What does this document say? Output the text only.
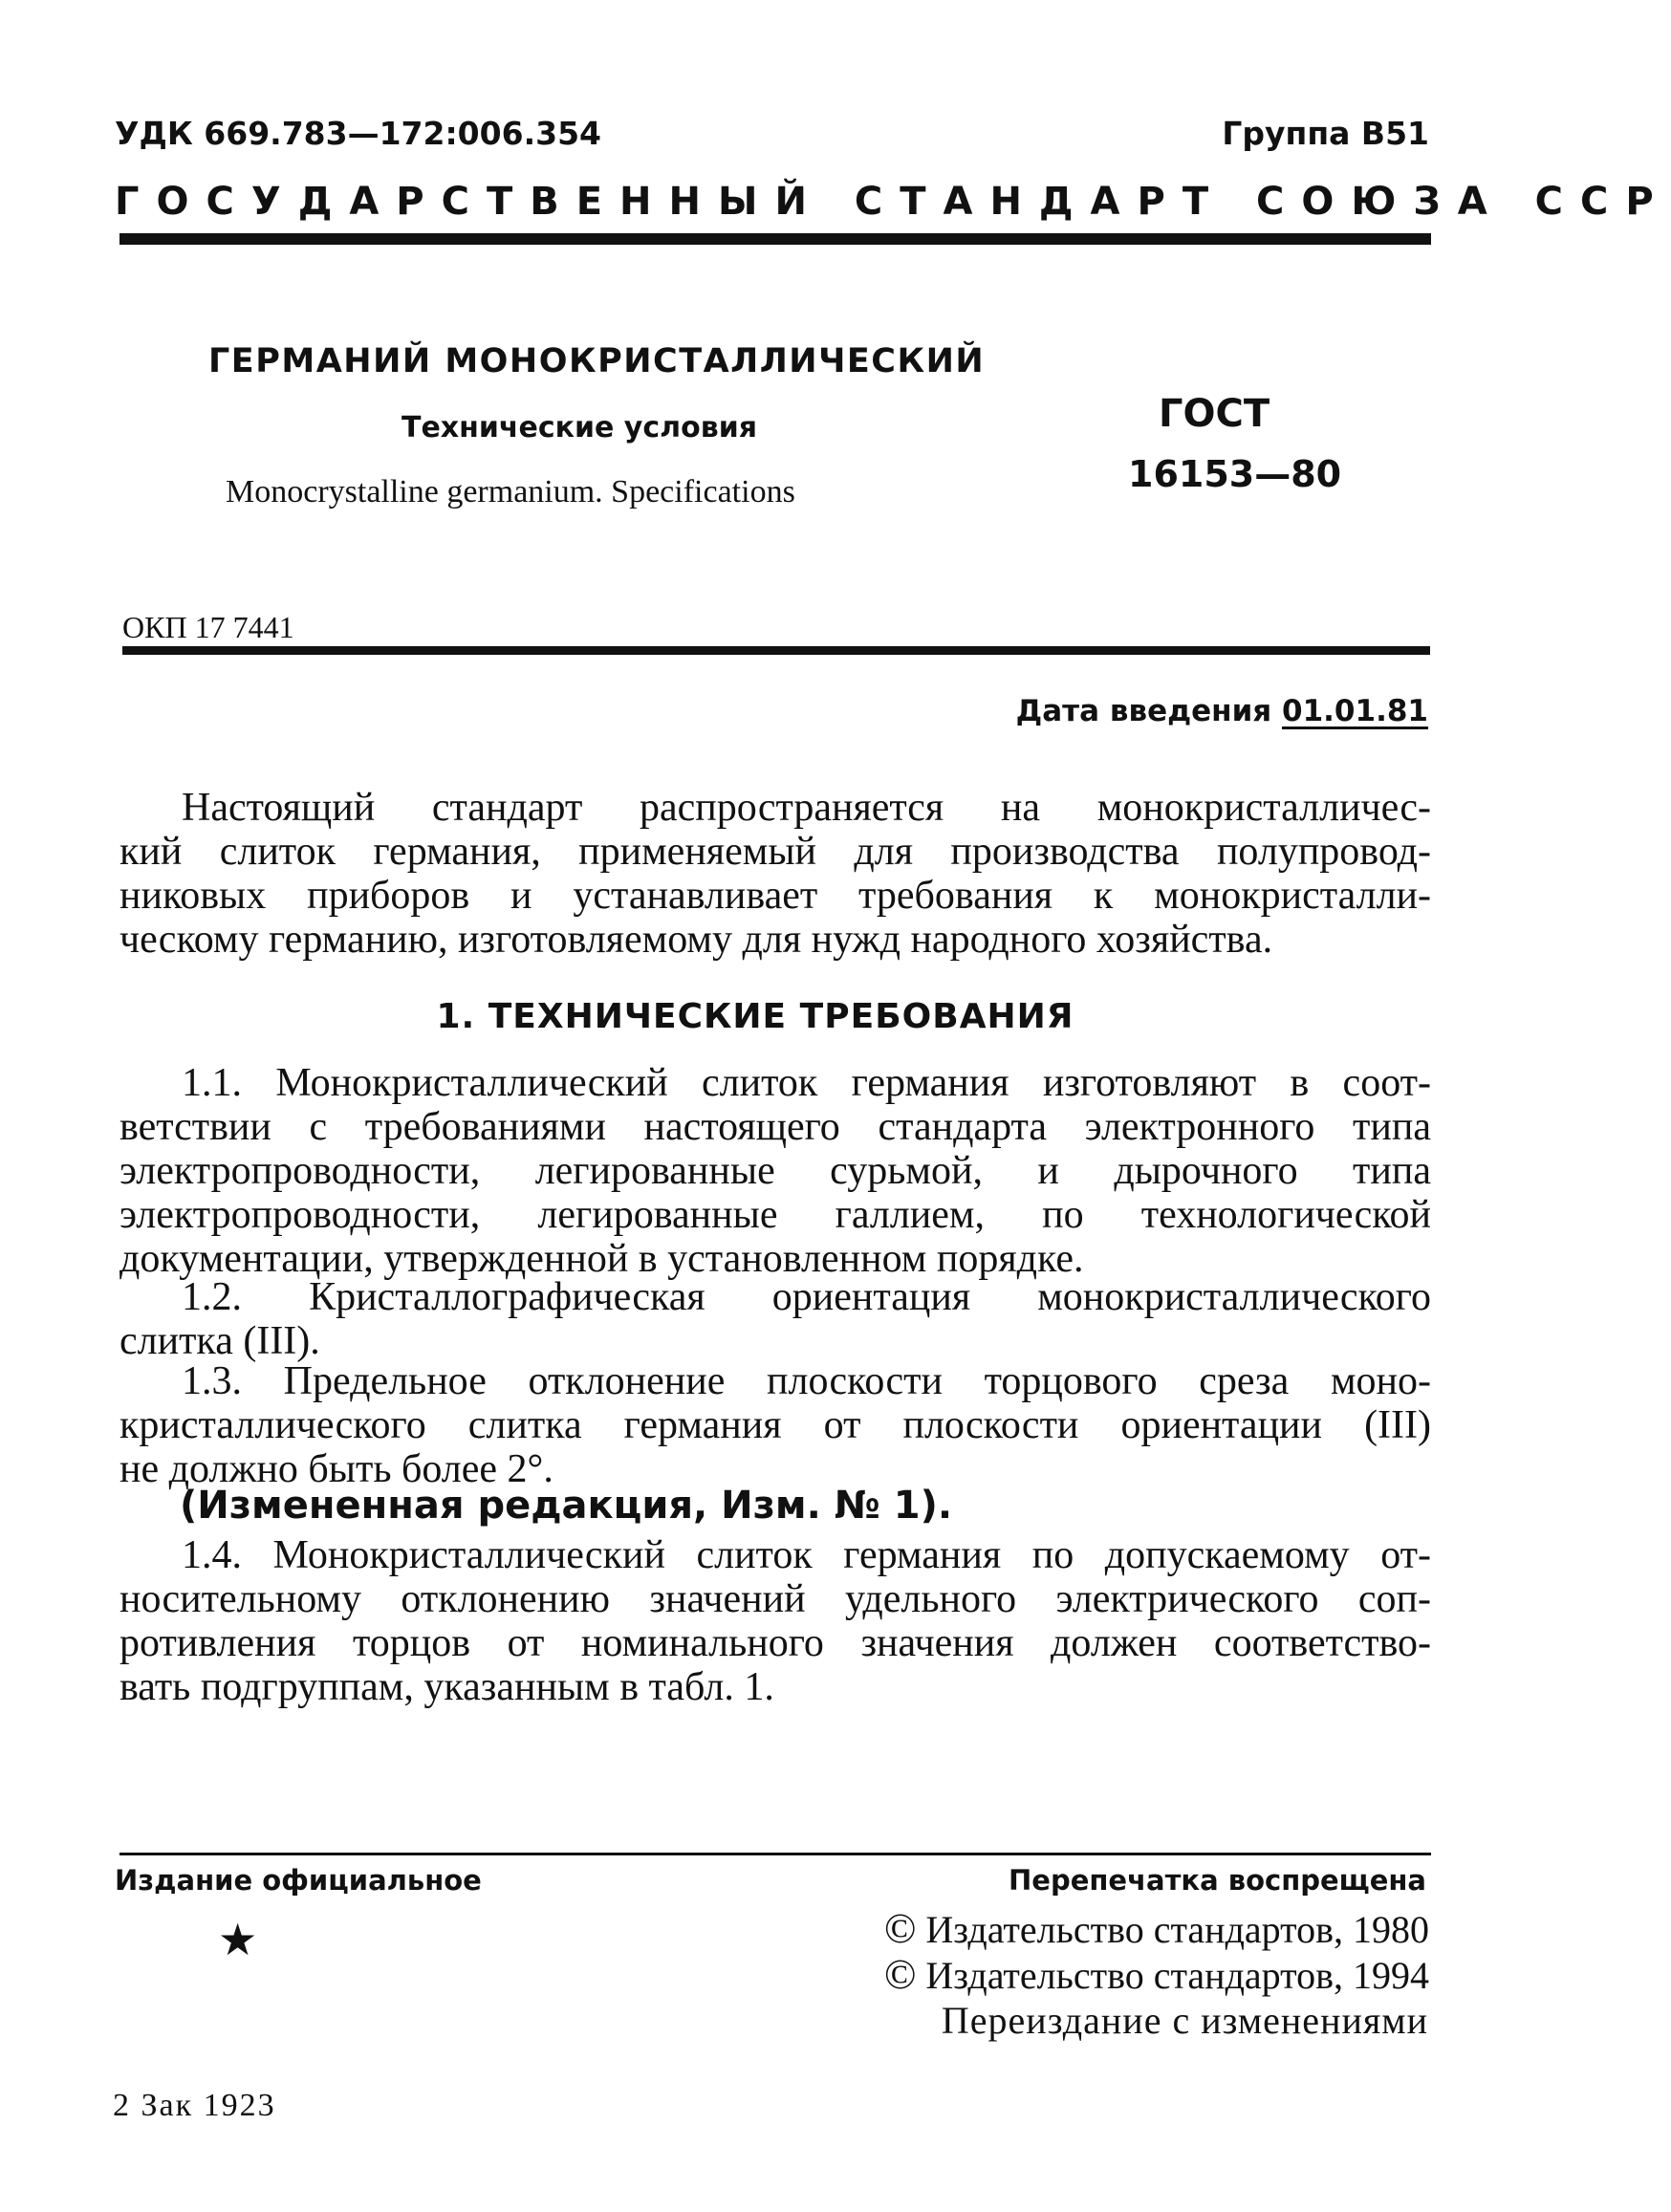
УДК 669.783—172:006.354	Группа В51
ГОСУДАРСТВЕННЫЙ СТАНДАРТ СОЮЗА ССР
ГЕРМАНИЙ МОНОКРИСТАЛЛИЧЕСКИЙ
Технические условия
Monocrystalline germanium. Specifications
ГОСТ
16153—80
ОКП 17 7441
Дата введения 01.01.81
Настоящий стандарт распространяется на монокристалличес-
кий слиток германия, применяемый для производства полупровод-
никовых приборов и устанавливает требования к монокристалли-
ческому германию, изготовляемому для нужд народного хозяйства.
1. ТЕХНИЧЕСКИЕ ТРЕБОВАНИЯ
1.1. Монокристаллический слиток германия изготовляют в соот-
ветствии с требованиями настоящего стандарта электронного типа
электропроводности, легированные сурьмой, и дырочного типа
электропроводности, легированные галлием, по технологической
документации, утвержденной в установленном порядке.
1.2. Кристаллографическая ориентация монокристаллического
слитка (III).
1.3. Предельное отклонение плоскости торцового среза моно-
кристаллического слитка германия от плоскости ориентации (III)
не должно быть более 2°.
(Измененная редакция, Изм. № 1).
1.4. Монокристаллический слиток германия по допускаемому от-
носительному отклонению значений удельного электрического соп-
ротивления торцов от номинального значения должен соответство-
вать подгруппам, указанным в табл. 1.
Издание официальное
★
Перепечатка воспрещена
© Издательство стандартов, 1980
© Издательство стандартов, 1994
Переиздание с изменениями
2 Зак 1923
